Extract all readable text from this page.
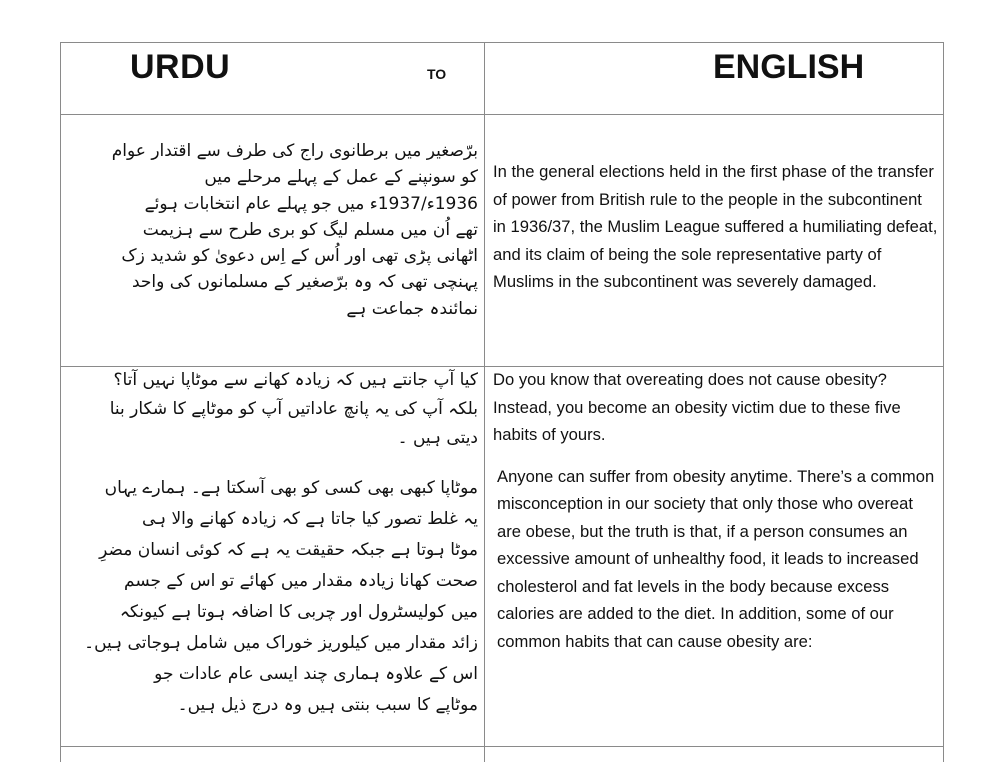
URDU	TO	ENGLISH

برّصغیر میں برطانوی راج کی طرف سے اقتدار عوام

کو سونپنے کے عمل کے پہلے مرحلے میں

1936ء/1937ء میں جو پہلے عام انتخابات ہوئے

تھے اُن میں مسلم لیگ کو بری طرح سے ہزیمت

اٹھانی پڑی تھی اور اُس کے اِس دعویٰ کو شدید زک

پہنچی تھی کہ وہ برّصغیر کے مسلمانوں کی واحد

نمائندہ جماعت ہے

In the general elections held in the first phase of the transfer of power from British rule to the people in the subcontinent in 1936/37, the Muslim League suffered a humiliating defeat, and its claim of being the sole representative party of Muslims in the subcontinent was severely damaged.

کیا آپ جانتے ہیں کہ زیادہ کھانے سے موٹاپا نہیں آتا؟

بلکہ آپ کی یہ پانچ عاداتیں آپ کو موٹاپے کا شکار بنا

دیتی ہیں ۔

موٹاپا کبھی بھی کسی کو بھی آسکتا ہے۔ ہمارے یہاں

یہ غلط تصور کیا جاتا ہے کہ زیادہ کھانے والا ہی

موٹا ہوتا ہے جبکہ حقیقت یہ ہے کہ کوئی انسان مضرِ

صحت کھانا زیادہ مقدار میں کھائے تو اس کے جسم

میں کولیسٹرول اور چربی کا اضافہ ہوتا ہے کیونکہ

زائد مقدار میں کیلوریز خوراک میں شامل ہوجاتی ہیں۔

اس کے علاوہ ہماری چند ایسی عام عادات جو

موٹاپے کا سبب بنتی ہیں وہ درج ذیل ہیں۔

Do you know that overeating does not cause obesity? Instead, you become an obesity victim due to these five habits of yours.

Anyone can suffer from obesity anytime. There’s a common misconception in our society that only those who overeat are obese, but the truth is that, if a person consumes an excessive amount of unhealthy food, it leads to increased cholesterol and fat levels in the body because excess calories are added to the diet. In addition, some of our common habits that can cause obesity are:
